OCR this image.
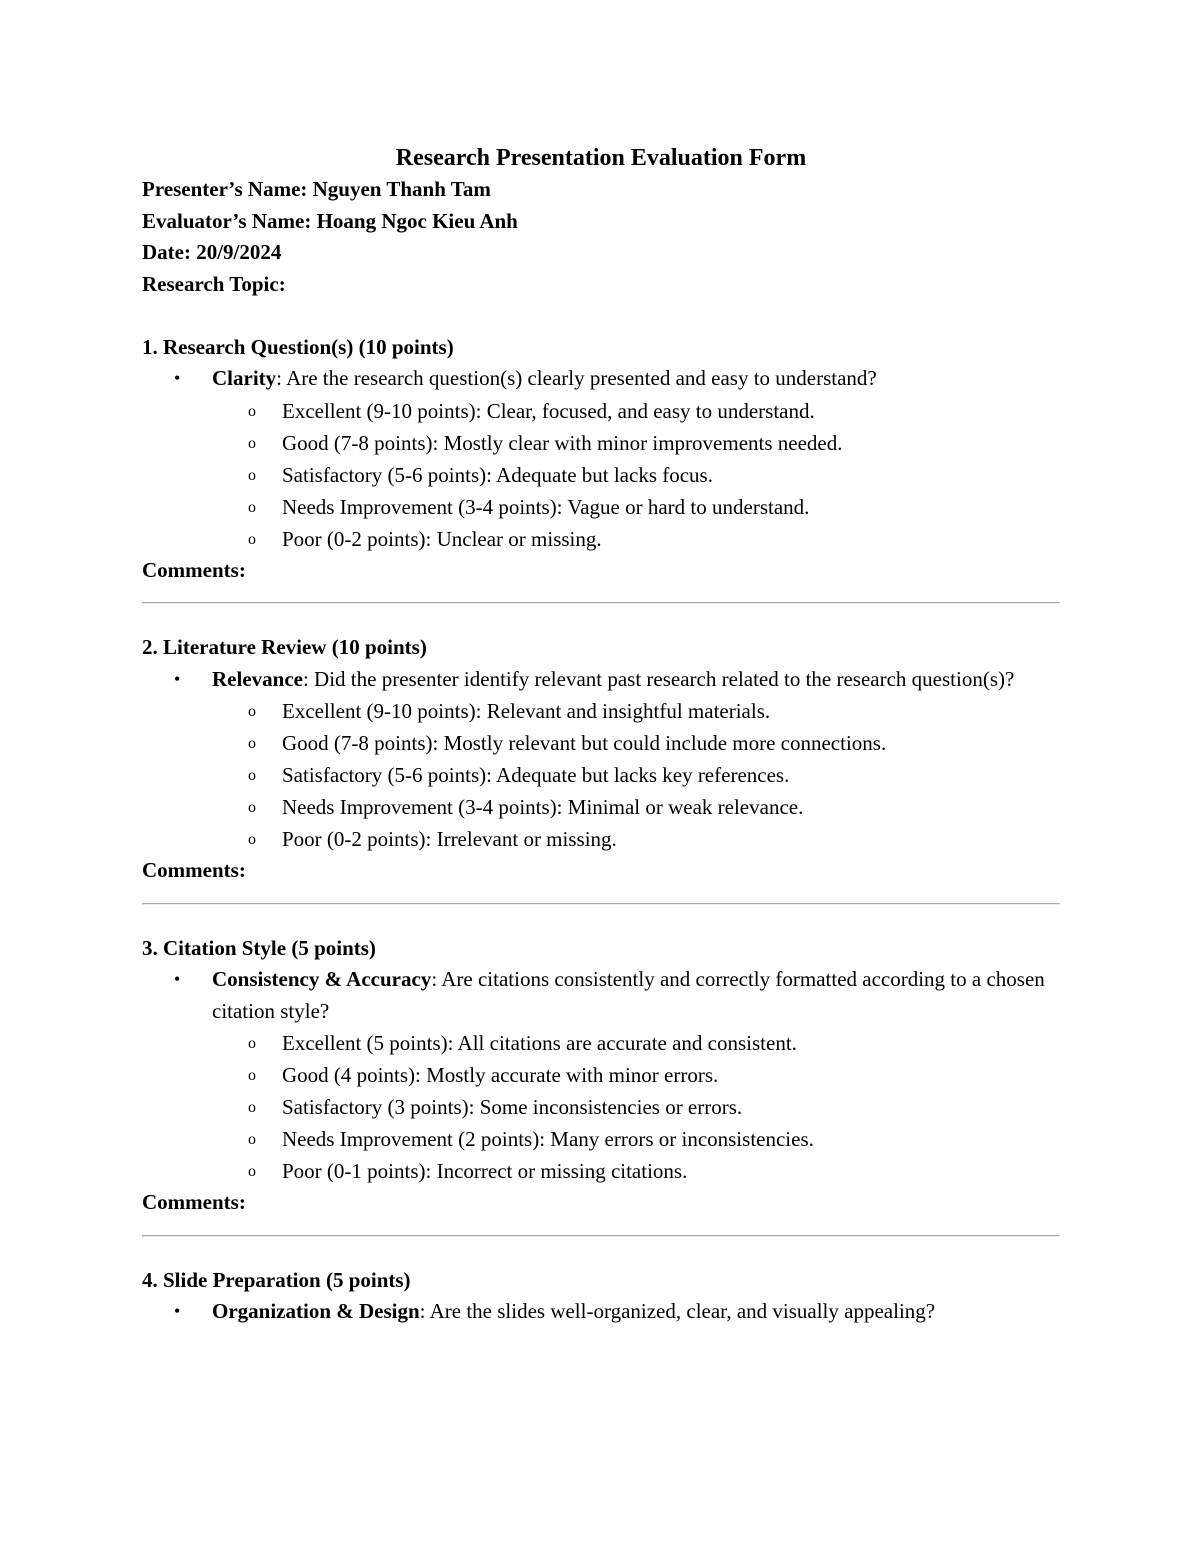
Research Presentation Evaluation Form
Presenter’s Name: Nguyen Thanh Tam
Evaluator’s Name: Hoang Ngoc Kieu Anh
Date: 20/9/2024
Research Topic:
1. Research Question(s) (10 points)
• Clarity: Are the research question(s) clearly presented and easy to understand?
o Excellent (9-10 points): Clear, focused, and easy to understand.
o Good (7-8 points): Mostly clear with minor improvements needed.
o Satisfactory (5-6 points): Adequate but lacks focus.
o Needs Improvement (3-4 points): Vague or hard to understand.
o Poor (0-2 points): Unclear or missing.
Comments:
2. Literature Review (10 points)
• Relevance: Did the presenter identify relevant past research related to the research question(s)?
o Excellent (9-10 points): Relevant and insightful materials.
o Good (7-8 points): Mostly relevant but could include more connections.
o Satisfactory (5-6 points): Adequate but lacks key references.
o Needs Improvement (3-4 points): Minimal or weak relevance.
o Poor (0-2 points): Irrelevant or missing.
Comments:
3. Citation Style (5 points)
• Consistency & Accuracy: Are citations consistently and correctly formatted according to a chosen citation style?
o Excellent (5 points): All citations are accurate and consistent.
o Good (4 points): Mostly accurate with minor errors.
o Satisfactory (3 points): Some inconsistencies or errors.
o Needs Improvement (2 points): Many errors or inconsistencies.
o Poor (0-1 points): Incorrect or missing citations.
Comments:
4. Slide Preparation (5 points)
• Organization & Design: Are the slides well-organized, clear, and visually appealing?
